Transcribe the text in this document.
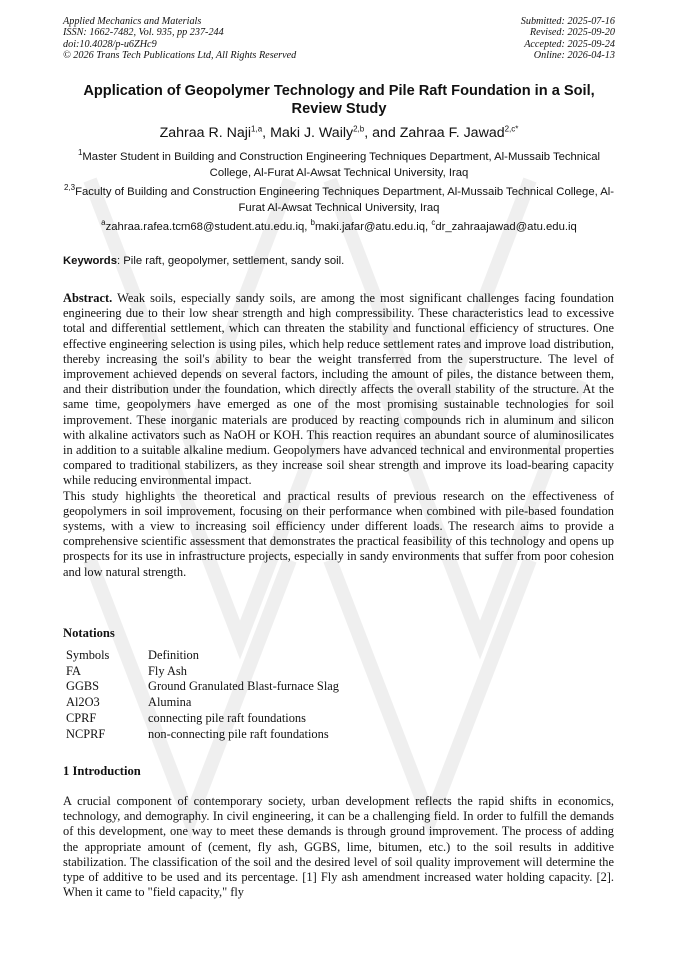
Applied Mechanics and Materials
ISSN: 1662-7482, Vol. 935, pp 237-244
doi:10.4028/p-u6ZHc9
© 2026 Trans Tech Publications Ltd, All Rights Reserved
Submitted: 2025-07-16
Revised: 2025-09-20
Accepted: 2025-09-24
Online: 2026-04-13
Application of Geopolymer Technology and Pile Raft Foundation in a Soil, Review Study
Zahraa R. Naji$^{1,a}$, Maki J. Waily$^{2,b}$, and Zahraa F. Jawad$^{2,c*}$
$^1$Master Student in Building and Construction Engineering Techniques Department, Al-Mussaib Technical College, Al-Furat Al-Awsat Technical University, Iraq
$^{2,3}$Faculty of Building and Construction Engineering Techniques Department, Al-Mussaib Technical College, Al-Furat Al-Awsat Technical University, Iraq
$^a$zahraa.rafea.tcm68@student.atu.edu.iq, $^b$maki.jafar@atu.edu.iq, $^c$dr_zahraajawad@atu.edu.iq
Keywords: Pile raft, geopolymer, settlement, sandy soil.

Abstract. Weak soils, especially sandy soils, are among the most significant challenges facing foundation engineering due to their low shear strength and high compressibility. These characteristics lead to excessive total and differential settlement, which can threaten the stability and functional efficiency of structures. One effective engineering selection is using piles, which help reduce settlement rates and improve load distribution, thereby increasing the soil's ability to bear the weight transferred from the superstructure. The level of improvement achieved depends on several factors, including the amount of piles, the distance between them, and their distribution under the foundation, which directly affects the overall stability of the structure. At the same time, geopolymers have emerged as one of the most promising sustainable technologies for soil improvement. These inorganic materials are produced by reacting compounds rich in aluminum and silicon with alkaline activators such as NaOH or KOH. This reaction requires an abundant source of aluminosilicates in addition to a suitable alkaline medium. Geopolymers have advanced technical and environmental properties compared to traditional stabilizers, as they increase soil shear strength and improve its load-bearing capacity while reducing environmental impact.

This study highlights the theoretical and practical results of previous research on the effectiveness of geopolymers in soil improvement, focusing on their performance when combined with pile-based foundation systems, with a view to increasing soil efficiency under different loads. The research aims to provide a comprehensive scientific assessment that demonstrates the practical feasibility of this technology and opens up prospects for its use in infrastructure projects, especially in sandy environments that suffer from poor cohesion and low natural strength.

Notations
Symbols	Definition
FA	Fly Ash
GGBS	Ground Granulated Blast-furnace Slag
Al2O3	Alumina
CPRF	connecting pile raft foundations
NCPRF	non-connecting pile raft foundations
1 Introduction

A crucial component of contemporary society, urban development reflects the rapid shifts in economics, technology, and demography. In civil engineering, it can be a challenging field. In order to fulfill the demands of this development, one way to meet these demands is through ground improvement. The process of adding the appropriate amount of (cement, fly ash, GGBS, lime, bitumen, etc.) to the soil results in additive stabilization. The classification of the soil and the desired level of soil quality improvement will determine the type of additive to be used and its percentage. [1] Fly ash amendment increased water holding capacity. [2]. When it came to "field capacity," fly
